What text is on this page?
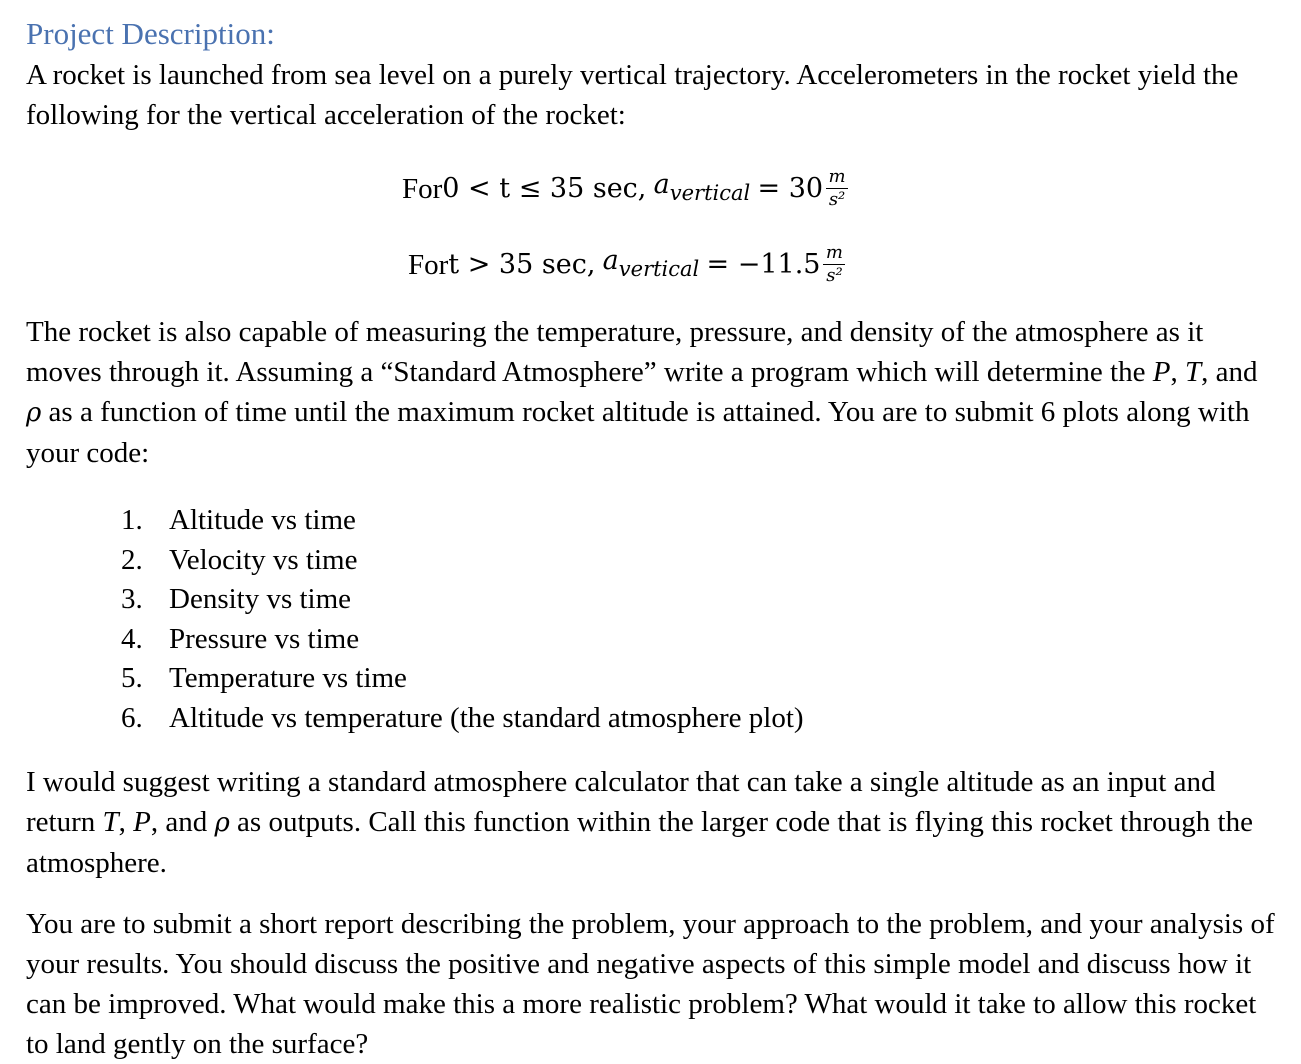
Project Description:

A rocket is launched from sea level on a purely vertical trajectory. Accelerometers in the rocket yield the following for the vertical acceleration of the rocket:

For0 < t ≤ 35 sec, $a_{vertical} = 30 \frac{m}{\text{s²}}$
Fort > 35 sec, $a_{vertical} = -11.5 \frac{m}{\text{s²}}$

The rocket is also capable of measuring the temperature, pressure, and density of the atmosphere as it moves through it. Assuming a “Standard Atmosphere” write a program which will determine the P, T, and ρ as a function of time until the maximum rocket altitude is attained. You are to submit 6 plots along with your code:

1. Altitude vs time
2. Velocity vs time
3. Density vs time
4. Pressure vs time
5. Temperature vs time
6. Altitude vs temperature (the standard atmosphere plot)

I would suggest writing a standard atmosphere calculator that can take a single altitude as an input and return T, P, and ρ as outputs. Call this function within the larger code that is flying this rocket through the atmosphere.

You are to submit a short report describing the problem, your approach to the problem, and your analysis of your results. You should discuss the positive and negative aspects of this simple model and discuss how it can be improved. What would make this a more realistic problem? What would it take to allow this rocket to land gently on the surface?
